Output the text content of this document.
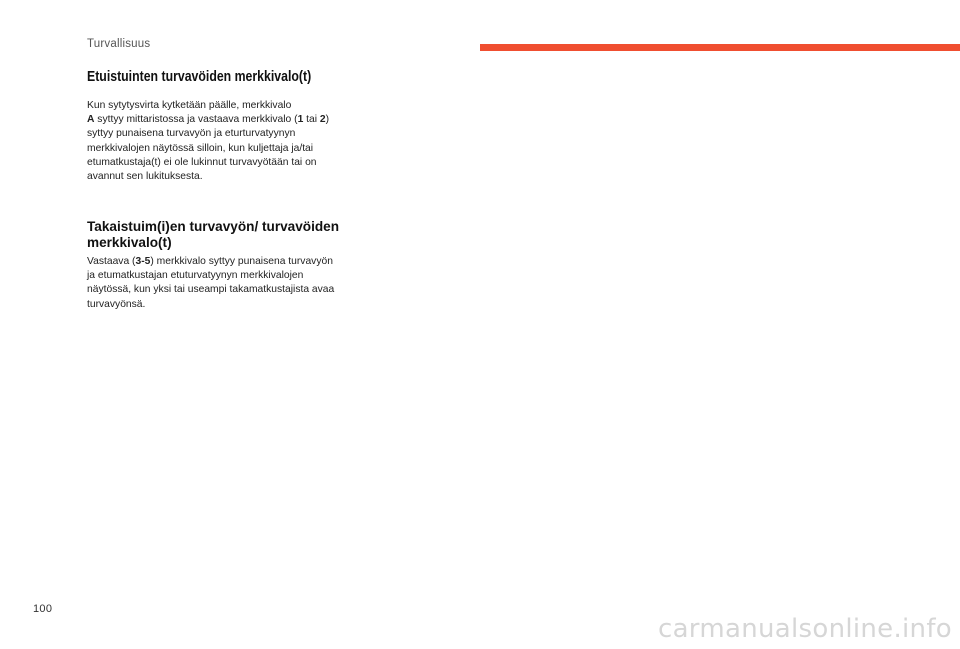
Turvallisuus
Etuistuinten turvavöiden merkkivalo(t)
Kun sytytysvirta kytketään päälle, merkkivalo
A syttyy mittaristossa ja vastaava merkkivalo (1 tai 2) syttyy punaisena turvavyön ja eturturvatyynyn merkkivalojen näytössä silloin, kun kuljettaja ja/tai etumatkustaja(t) ei ole lukinnut turvavyötään tai on avannut sen lukituksesta.
Takaistuim(i)en turvavyön/ turvavöiden merkkivalo(t)
Vastaava (3-5) merkkivalo syttyy punaisena turvavyön ja etumatkustajan etuturvatyynyn merkkivalojen näytössä, kun yksi tai useampi takamatkustajista avaa turvavyönsä.
100
carmanualsonline.info
